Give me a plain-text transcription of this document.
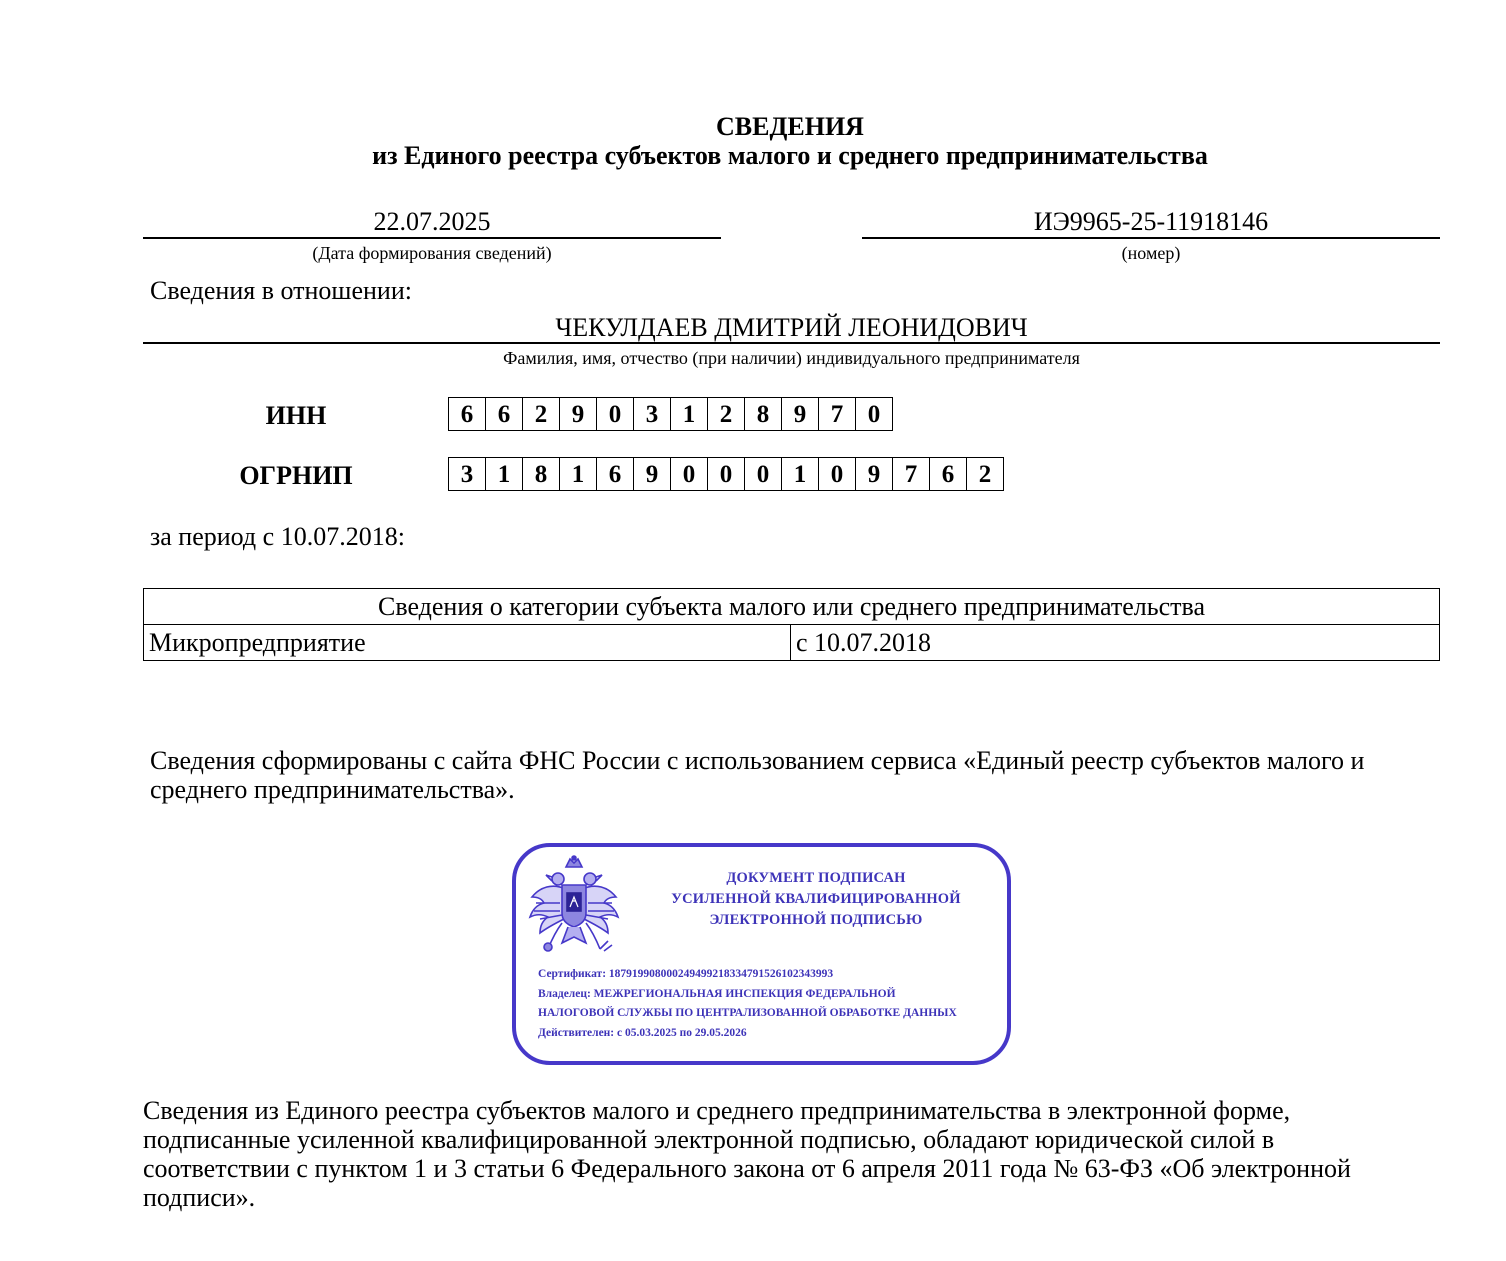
СВЕДЕНИЯ
из Единого реестра субъектов малого и среднего предпринимательства
22.07.2025
(Дата формирования сведений)
ИЭ9965-25-11918146
(номер)
Сведения в отношении:
ЧЕКУЛДАЕВ ДМИТРИЙ ЛЕОНИДОВИЧ
Фамилия, имя, отчество (при наличии) индивидуального предпринимателя
ИНН	6 6 2 9 0 3 1 2 8 9 7 0
ОГРНИП	3 1 8 1 6 9 0 0 0 1 0 9 7 6 2
за период с 10.07.2018:
Сведения о категории субъекта малого или среднего предпринимательства
Микропредприятие	с 10.07.2018
Сведения сформированы с сайта ФНС России с использованием сервиса «Единый реестр субъектов малого и среднего предпринимательства».
ДОКУМЕНТ ПОДПИСАН
УСИЛЕННОЙ КВАЛИФИЦИРОВАННОЙ
ЭЛЕКТРОННОЙ ПОДПИСЬЮ
Сертификат: 187919908000249499218334791526102343993
Владелец: МЕЖРЕГИОНАЛЬНАЯ ИНСПЕКЦИЯ ФЕДЕРАЛЬНОЙ НАЛОГОВОЙ СЛУЖБЫ ПО ЦЕНТРАЛИЗОВАННОЙ ОБРАБОТКЕ ДАННЫХ
Действителен: с 05.03.2025 по 29.05.2026
Сведения из Единого реестра субъектов малого и среднего предпринимательства в электронной форме, подписанные усиленной квалифицированной электронной подписью, обладают юридической силой в соответствии с пунктом 1 и 3 статьи 6 Федерального закона от 6 апреля 2011 года № 63-ФЗ «Об электронной подписи».
